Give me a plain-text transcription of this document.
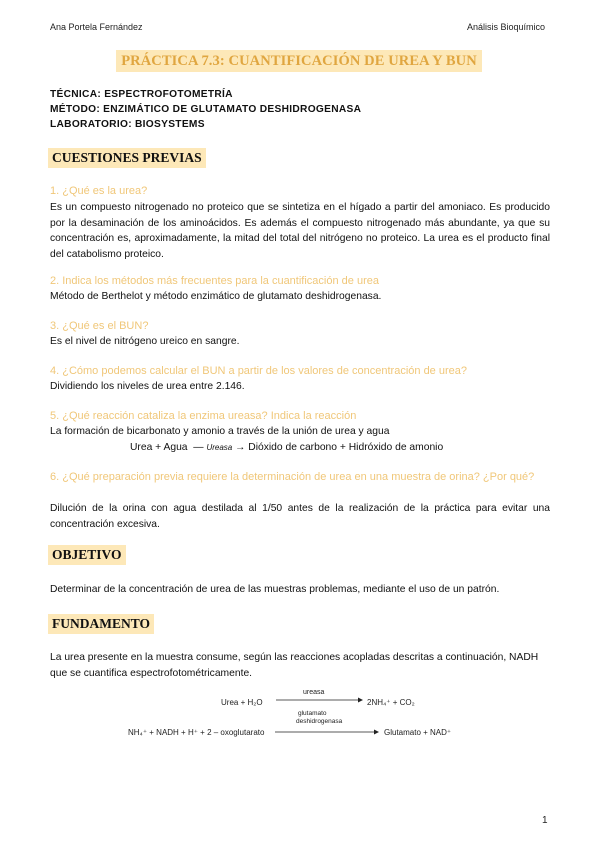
Ana Portela Fernández	Análisis Bioquímico
PRÁCTICA 7.3: CUANTIFICACIÓN DE UREA Y BUN
TÉCNICA: ESPECTROFOTOMETRÍA
MÉTODO: ENZIMÁTICO DE GLUTAMATO DESHIDROGENASA
LABORATORIO: BIOSYSTEMS
CUESTIONES PREVIAS
1. ¿Qué es la urea?
Es un compuesto nitrogenado no proteico que se sintetiza en el hígado a partir del amoniaco. Es producido por la desaminación de los aminoácidos. Es además el compuesto nitrogenado más abundante, ya que su concentración es, aproximadamente, la mitad del total del nitrógeno no proteico. La urea es el producto final del catabolismo proteico.
2. Indica los métodos más frecuentes para la cuantificación de urea
Método de Berthelot y método enzimático de glutamato deshidrogenasa.
3. ¿Qué es el BUN?
Es el nivel de nitrógeno ureico en sangre.
4. ¿Cómo podemos calcular el BUN a partir de los valores de concentración de urea?
Dividiendo los niveles de urea entre 2.146.
5. ¿Qué reacción cataliza la enzima ureasa? Indica la reacción
La formación de bicarbonato y amonio a través de la unión de urea y agua
Urea + Agua  — Ureasa → Dióxido de carbono + Hidróxido de amonio
6. ¿Qué preparación previa requiere la determinación de urea en una muestra de orina? ¿Por qué?
Dilución de la orina con agua destilada al 1/50 antes de la realización de la práctica para evitar una concentración excesiva.
OBJETIVO
Determinar de la concentración de urea de las muestras problemas, mediante el uso de un patrón.
FUNDAMENTO
La urea presente en la muestra consume, según las reacciones acopladas descritas a continuación, NADH que se cuantifica espectrofotométricamente.
Urea + H₂O
ureasa
2NH₄⁺ + CO₂
glutamato
deshidrogenasa
NH₄⁺ + NADH + H⁺ + 2 – oxoglutarato	Glutamato + NAD⁺
1
